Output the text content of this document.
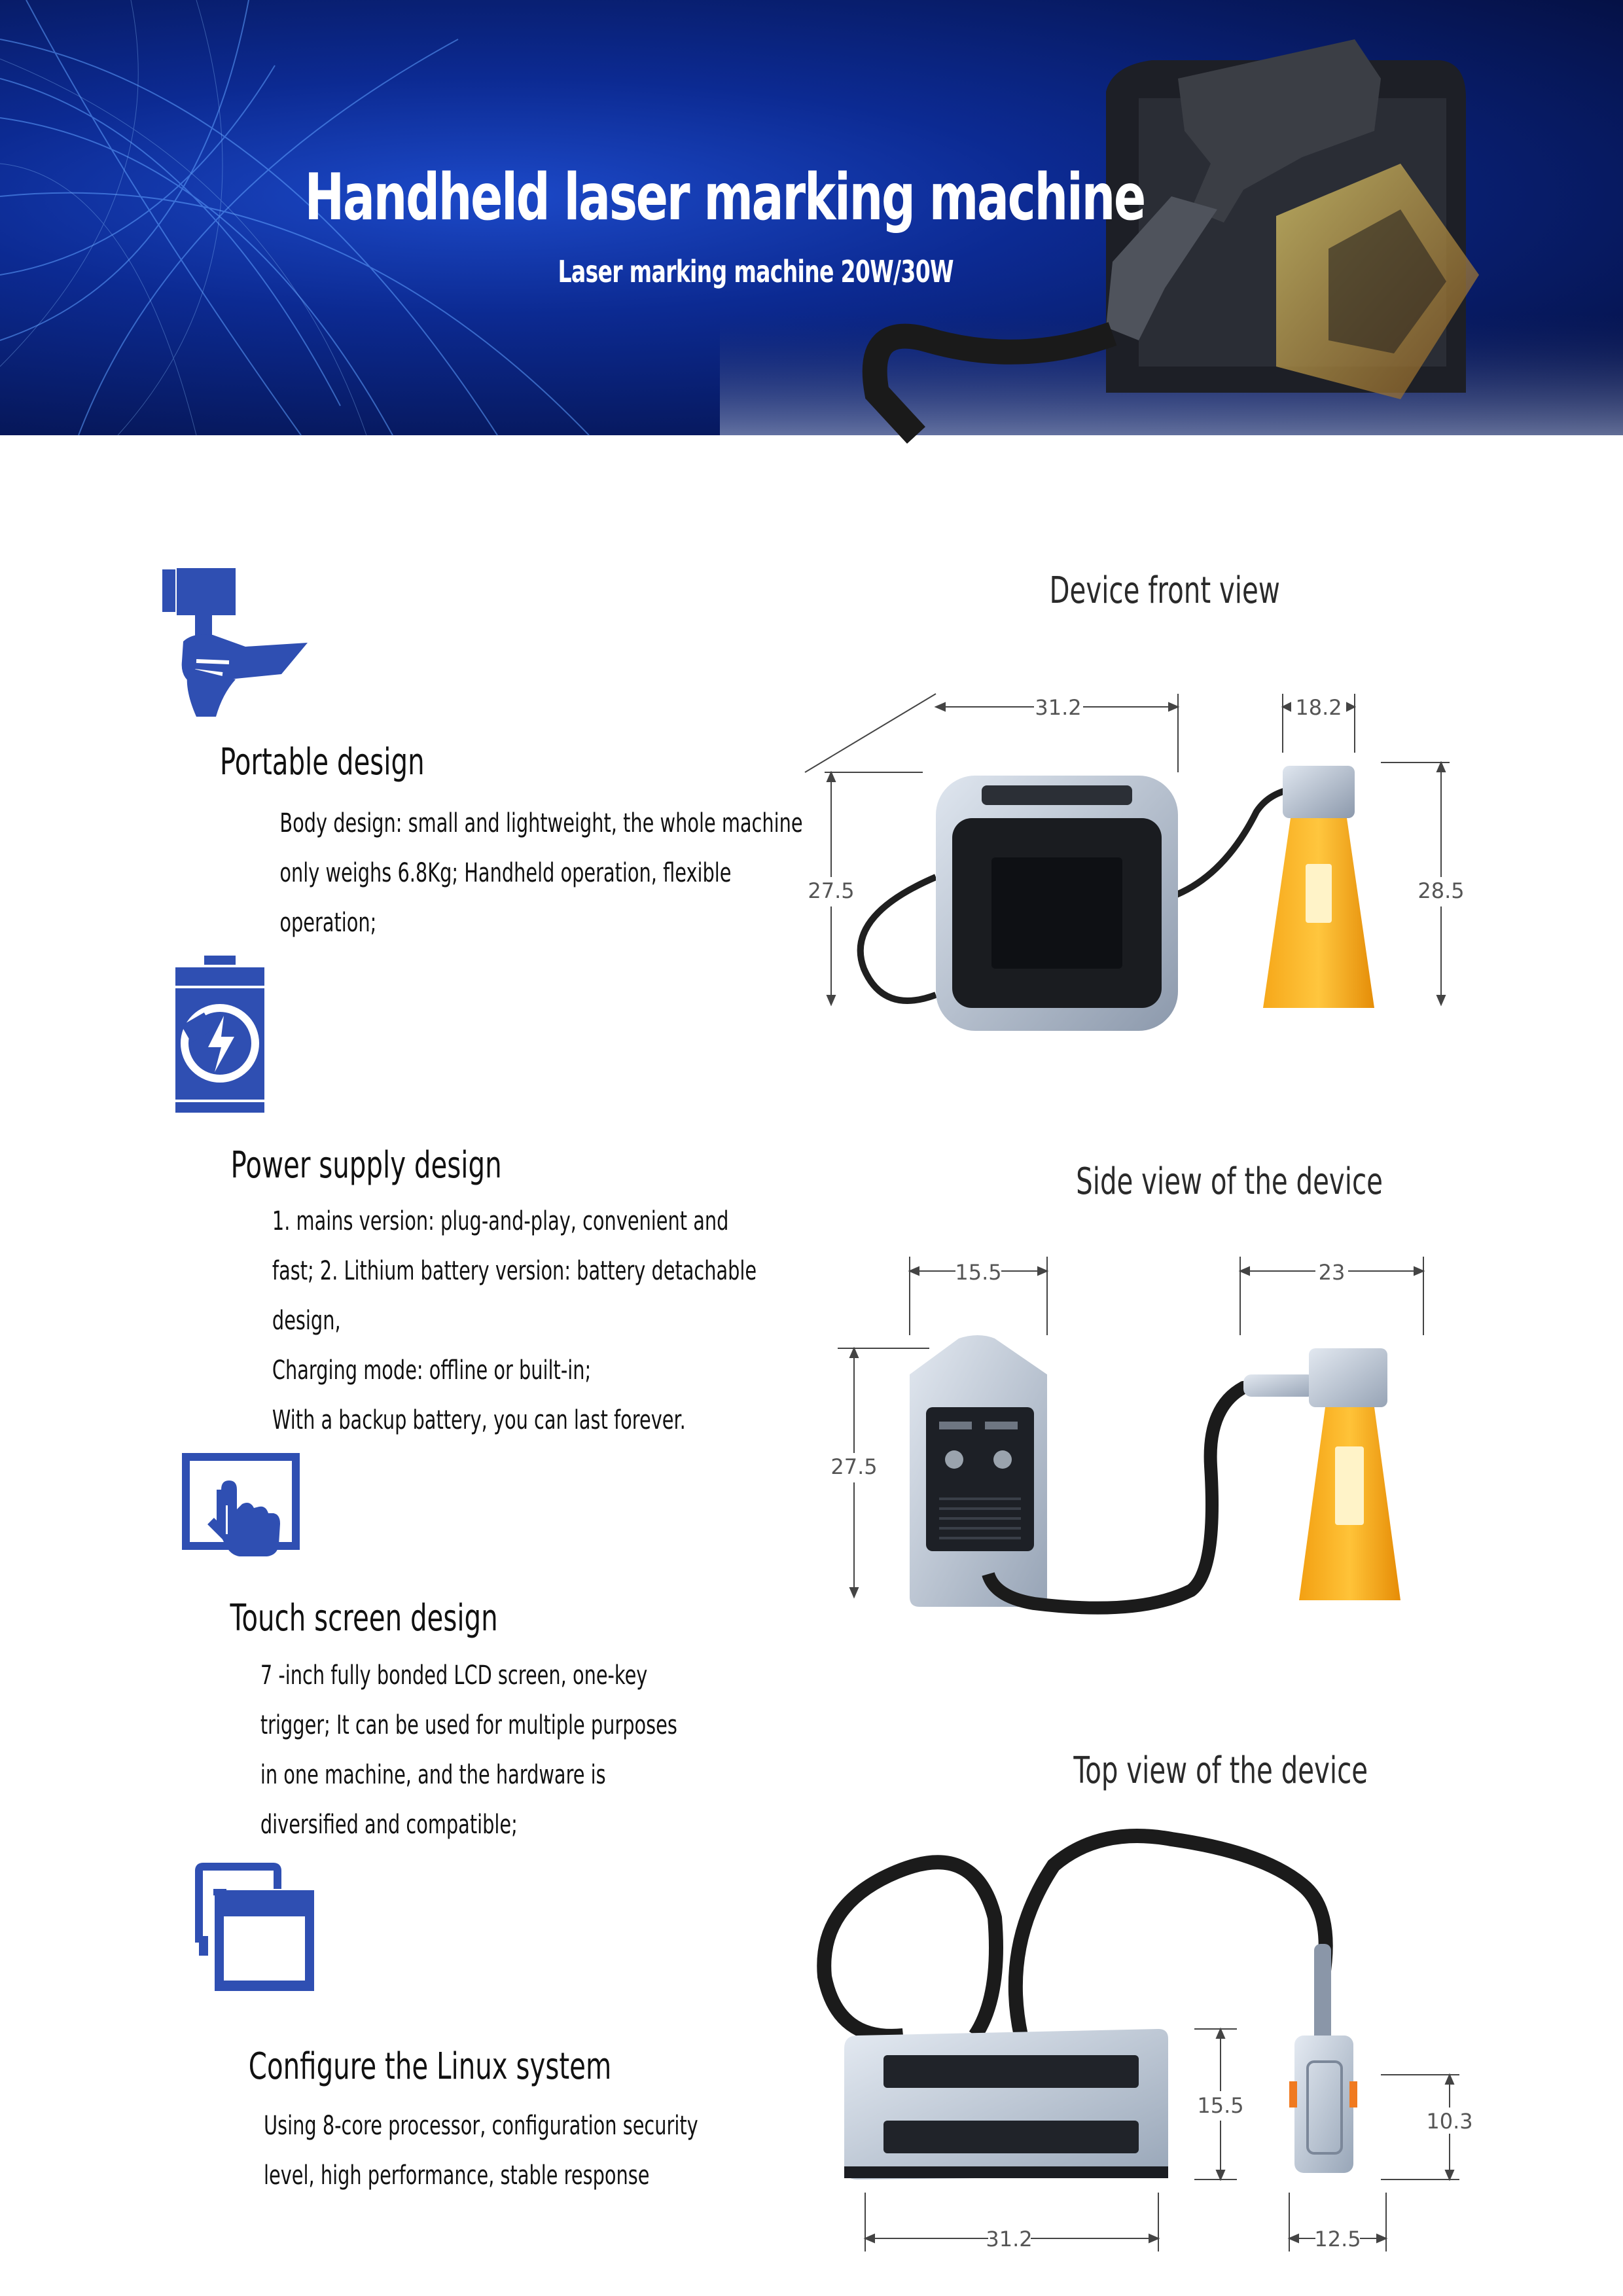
Handheld laser marking machine
Laser marking machine 20W/30W
Portable design
Body design: small and lightweight, the whole machine
only weighs 6.8Kg; Handheld operation, flexible
operation;
Power supply design
1. mains version: plug-and-play, convenient and
fast; 2. Lithium battery version: battery detachable
design,
Charging mode: offline or built-in;
With a backup battery, you can last forever.
Touch screen design
7 -inch fully bonded LCD screen, one-key
trigger; It can be used for multiple purposes
in one machine, and the hardware is
diversified and compatible;
Configure the Linux system
Using 8-core processor, configuration security
level, high performance, stable response
Device front view
31.2	18.2
27.5	28.5
Side view of the device
15.5	23
27.5
Top view of the device
15.5
10.3
31.2	12.5
